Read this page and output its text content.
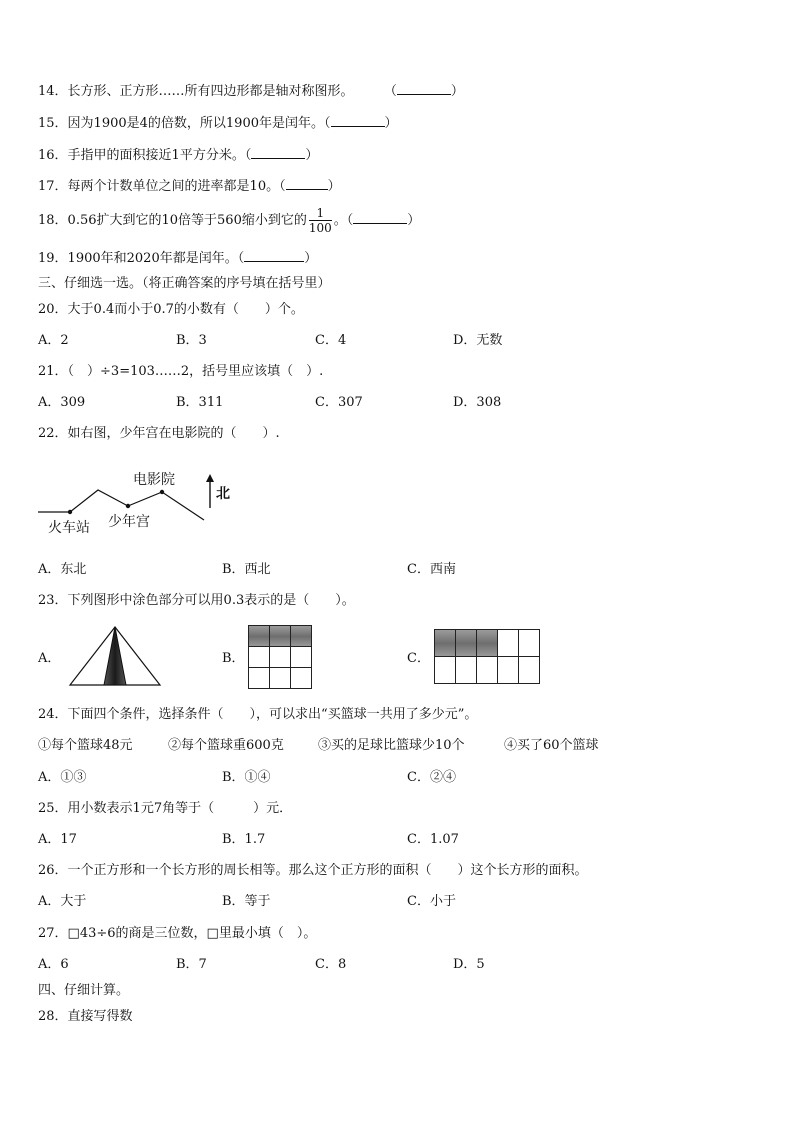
14．长方形、正方形……所有四边形都是轴对称图形。 （	）
15．因为1900是4的倍数，所以1900年是闰年。（	）
16．手指甲的面积接近1平方分米。（	）
17．每两个计数单位之间的进率都是10。（	）
18．0.56扩大到它的10倍等于560缩小到它的 $\frac{1}{100}$ 。（	）
19．1900年和2020年都是闰年。（	）
三、仔细选一选。（将正确答案的序号填在括号里）
20．大于0.4而小于0.7的小数有（　　）个。
A．2	B．3	C．4	D．无数
21．（　）÷3=103……2，括号里应该填（　）.
A．309	B．311	C．307	D．308
22．如右图，少年宫在电影院的（　　）.
电影院
火车站 少年宫
北
A．东北	B．西北	C．西南
23．下列图形中涂色部分可以用0.3表示的是（　　）。
A．	B．

			C．

24．下面四个条件，选择条件（　　），可以求出“买篮球一共用了多少元”。
①每个篮球48元	②每个篮球重600克	③买的足球比篮球少10个	④买了60个篮球
A．①③	B．①④	C．②④
25．用小数表示1元7角等于（　　　）元．
A．17	B．1.7	C．1.07
26．一个正方形和一个长方形的周长相等。那么这个正方形的面积（　　）这个长方形的面积。
A．大于	B．等于	C．小于
27．□43÷6的商是三位数，□里最小填（　）。
A．6	B．7	C．8	D．5
四、仔细计算。
28．直接写得数
